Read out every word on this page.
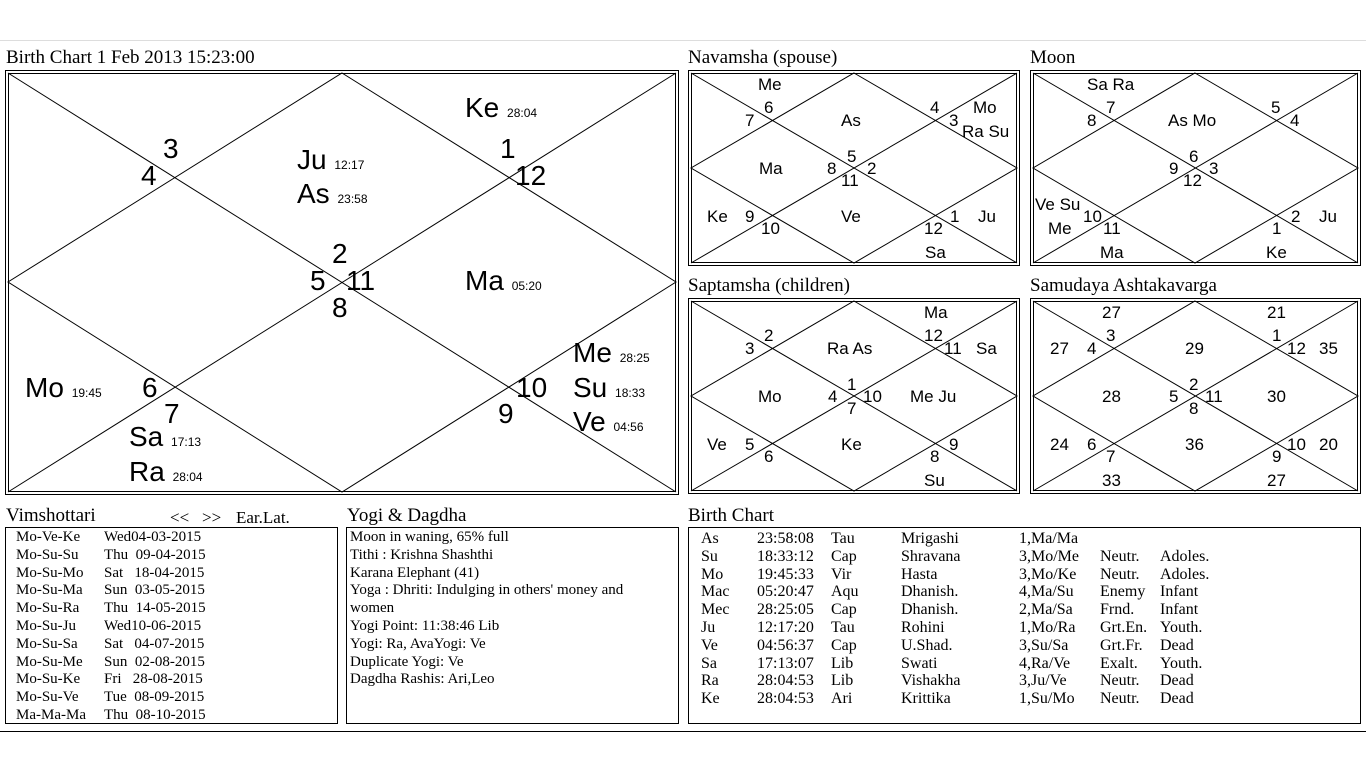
Birth Chart 1 Feb 2013 15:23:00	Navamsha (spouse)	Moon
Saptamsha (children)	Samudaya Ashtakavarga
3
4
1
12
2
5 11
8
6
7
10
9
Ju 12:17
As 23:58
Ke 28:04
Ma 05:20
Mo 19:45
Sa 17:13
Ra 28:04
Me 28:25
Su 18:33
Ve 04:56
Me
6
7	As
4
3
Mo
Ra Su
Ma	8
5
2
11
Ke 9
10
Ve
12
1 Ju
Sa
Sa Ra
7
8	As Mo
5
4
9
6
3
12
Ve Su
10
Me 11
Ma
1
2 Ju
Ke
Ma
3
2
Ra As
12
11 Sa
Mo	4
1
10
7
Me Ju
Ve 5
6
Ke
8
9
Su
27	21
27 4
3
29
1
12 35
28	5
2
11
8
30
24 6
7
36
9
10 20
33	27
Vimshottari	<< >> Ear.Lat.
Mo-Ve-Ke Wed04-03-2015
Mo-Su-Su Thu  09-04-2015
Mo-Su-Mo Sat   18-04-2015
Mo-Su-Ma Sun  03-05-2015
Mo-Su-Ra Thu  14-05-2015
Mo-Su-Ju Wed10-06-2015
Mo-Su-Sa Sat   04-07-2015
Mo-Su-Me Sun  02-08-2015
Mo-Su-Ke Fri   28-08-2015
Mo-Su-Ve Tue  08-09-2015
Ma-Ma-Ma Thu  08-10-2015
Yogi & Dagdha
Moon in waning, 65% full
Tithi : Krishna Shashthi
Karana Elephant (41)
Yoga : Dhriti: Indulging in others' money and
women
Yogi Point: 11:38:46 Lib
Yogi: Ra, AvaYogi: Ve
Duplicate Yogi: Ve
Dagdha Rashis: Ari,Leo
Birth Chart
As 23:58:08 Tau	Mrigashi	1,Ma/Ma
Su 18:33:12 Cap	Shravana	3,Mo/Me Neutr. Adoles.
Mo 19:45:33 Vir	Hasta	3,Mo/Ke Neutr. Adoles.
Mac 05:20:47 Aqu	Dhanish.	4,Ma/Su Enemy Infant
Mec 28:25:05 Cap	Dhanish.	2,Ma/Sa Frnd. Infant
Ju	12:17:20 Tau	Rohini	1,Mo/Ra Grt.En. Youth.
Ve 04:56:37 Cap	U.Shad.	3,Su/Sa Grt.Fr. Dead
Sa	17:13:07 Lib	Swati	4,Ra/Ve Exalt. Youth.
Ra 28:04:53 Lib	Vishakha	3,Ju/Ve Neutr. Dead
Ke 28:04:53 Ari	Krittika	1,Su/Mo Neutr. Dead
